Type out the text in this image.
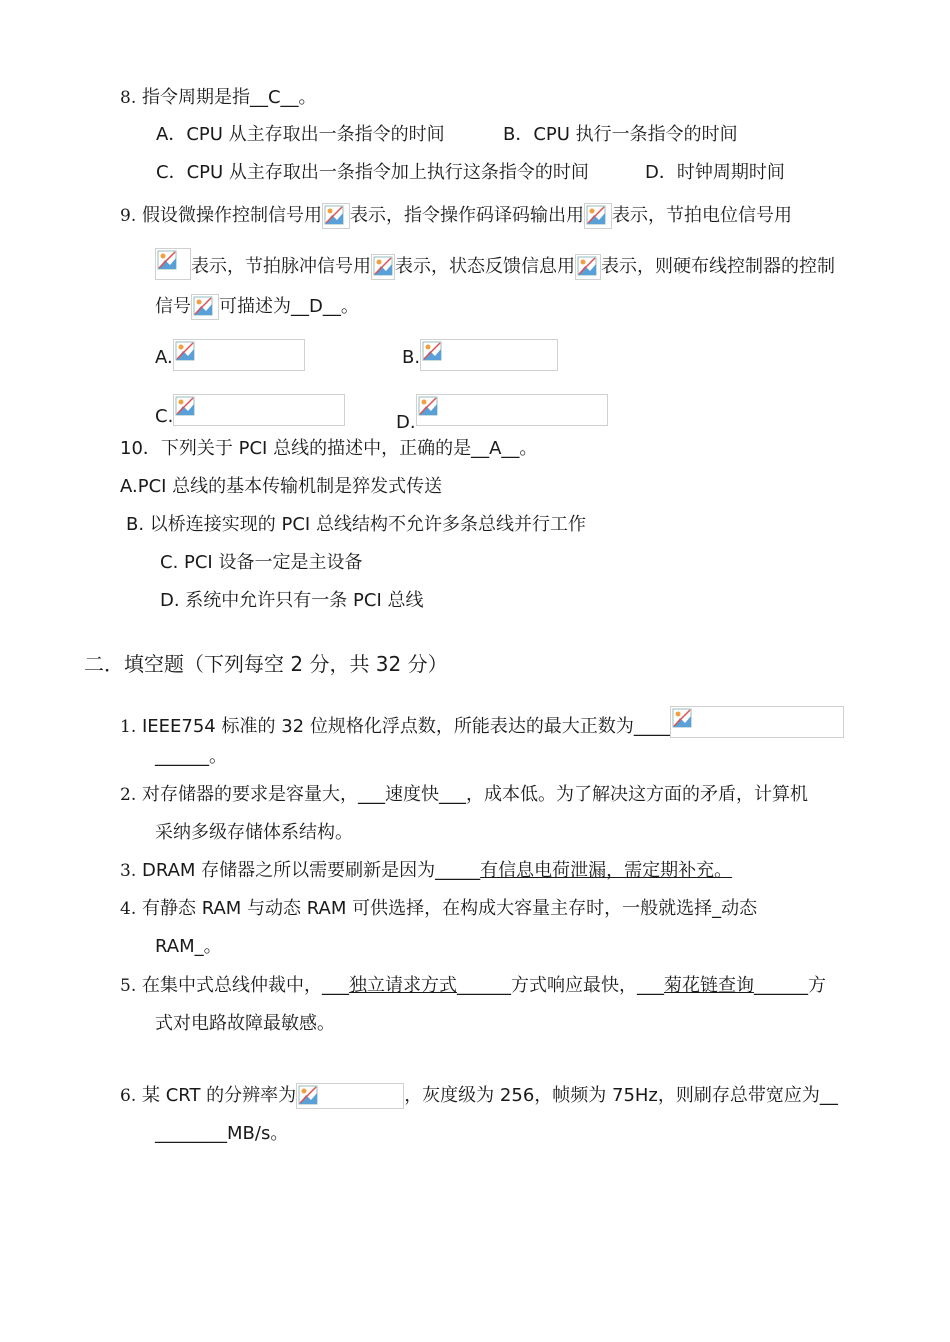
8. 指令周期是指__C__。
A．CPU 从主存取出一条指令的时间	B．CPU 执行一条指令的时间
C．CPU 从主存取出一条指令加上执行这条指令的时间	D．时钟周期时间
9. 假设微操作控制信号用 表示，指令操作码译码输出用 表示，节拍电位信号用
表示，节拍脉冲信号用 表示，状态反馈信息用 表示，则硬布线控制器的控制
信号 可描述为__D__。
A.	B.
C.	D.
10．下列关于 PCI 总线的描述中，正确的是__A__。
A.PCI 总线的基本传输机制是猝发式传送
B. 以桥连接实现的 PCI 总线结构不允许多条总线并行工作
C. PCI 设备一定是主设备
D. 系统中允许只有一条 PCI 总线
二．填空题（下列每空 2 分，共 32 分）
1. IEEE754 标准的 32 位规格化浮点数，所能表达的最大正数为____
______。
2. 对存储器的要求是容量大，___速度快___，成本低。为了解决这方面的矛盾，计算机
采纳多级存储体系结构。
3. DRAM 存储器之所以需要刷新是因为_____有信息电荷泄漏，需定期补充。
4. 有静态 RAM 与动态 RAM 可供选择，在构成大容量主存时，一般就选择_动态
RAM_。
5. 在集中式总线仲裁中，___独立请求方式______方式响应最快，___菊花链查询______方
式对电路故障最敏感。
6. 某 CRT 的分辨率为	，灰度级为 256，帧频为 75Hz，则刷存总带宽应为__
________MB/s。
